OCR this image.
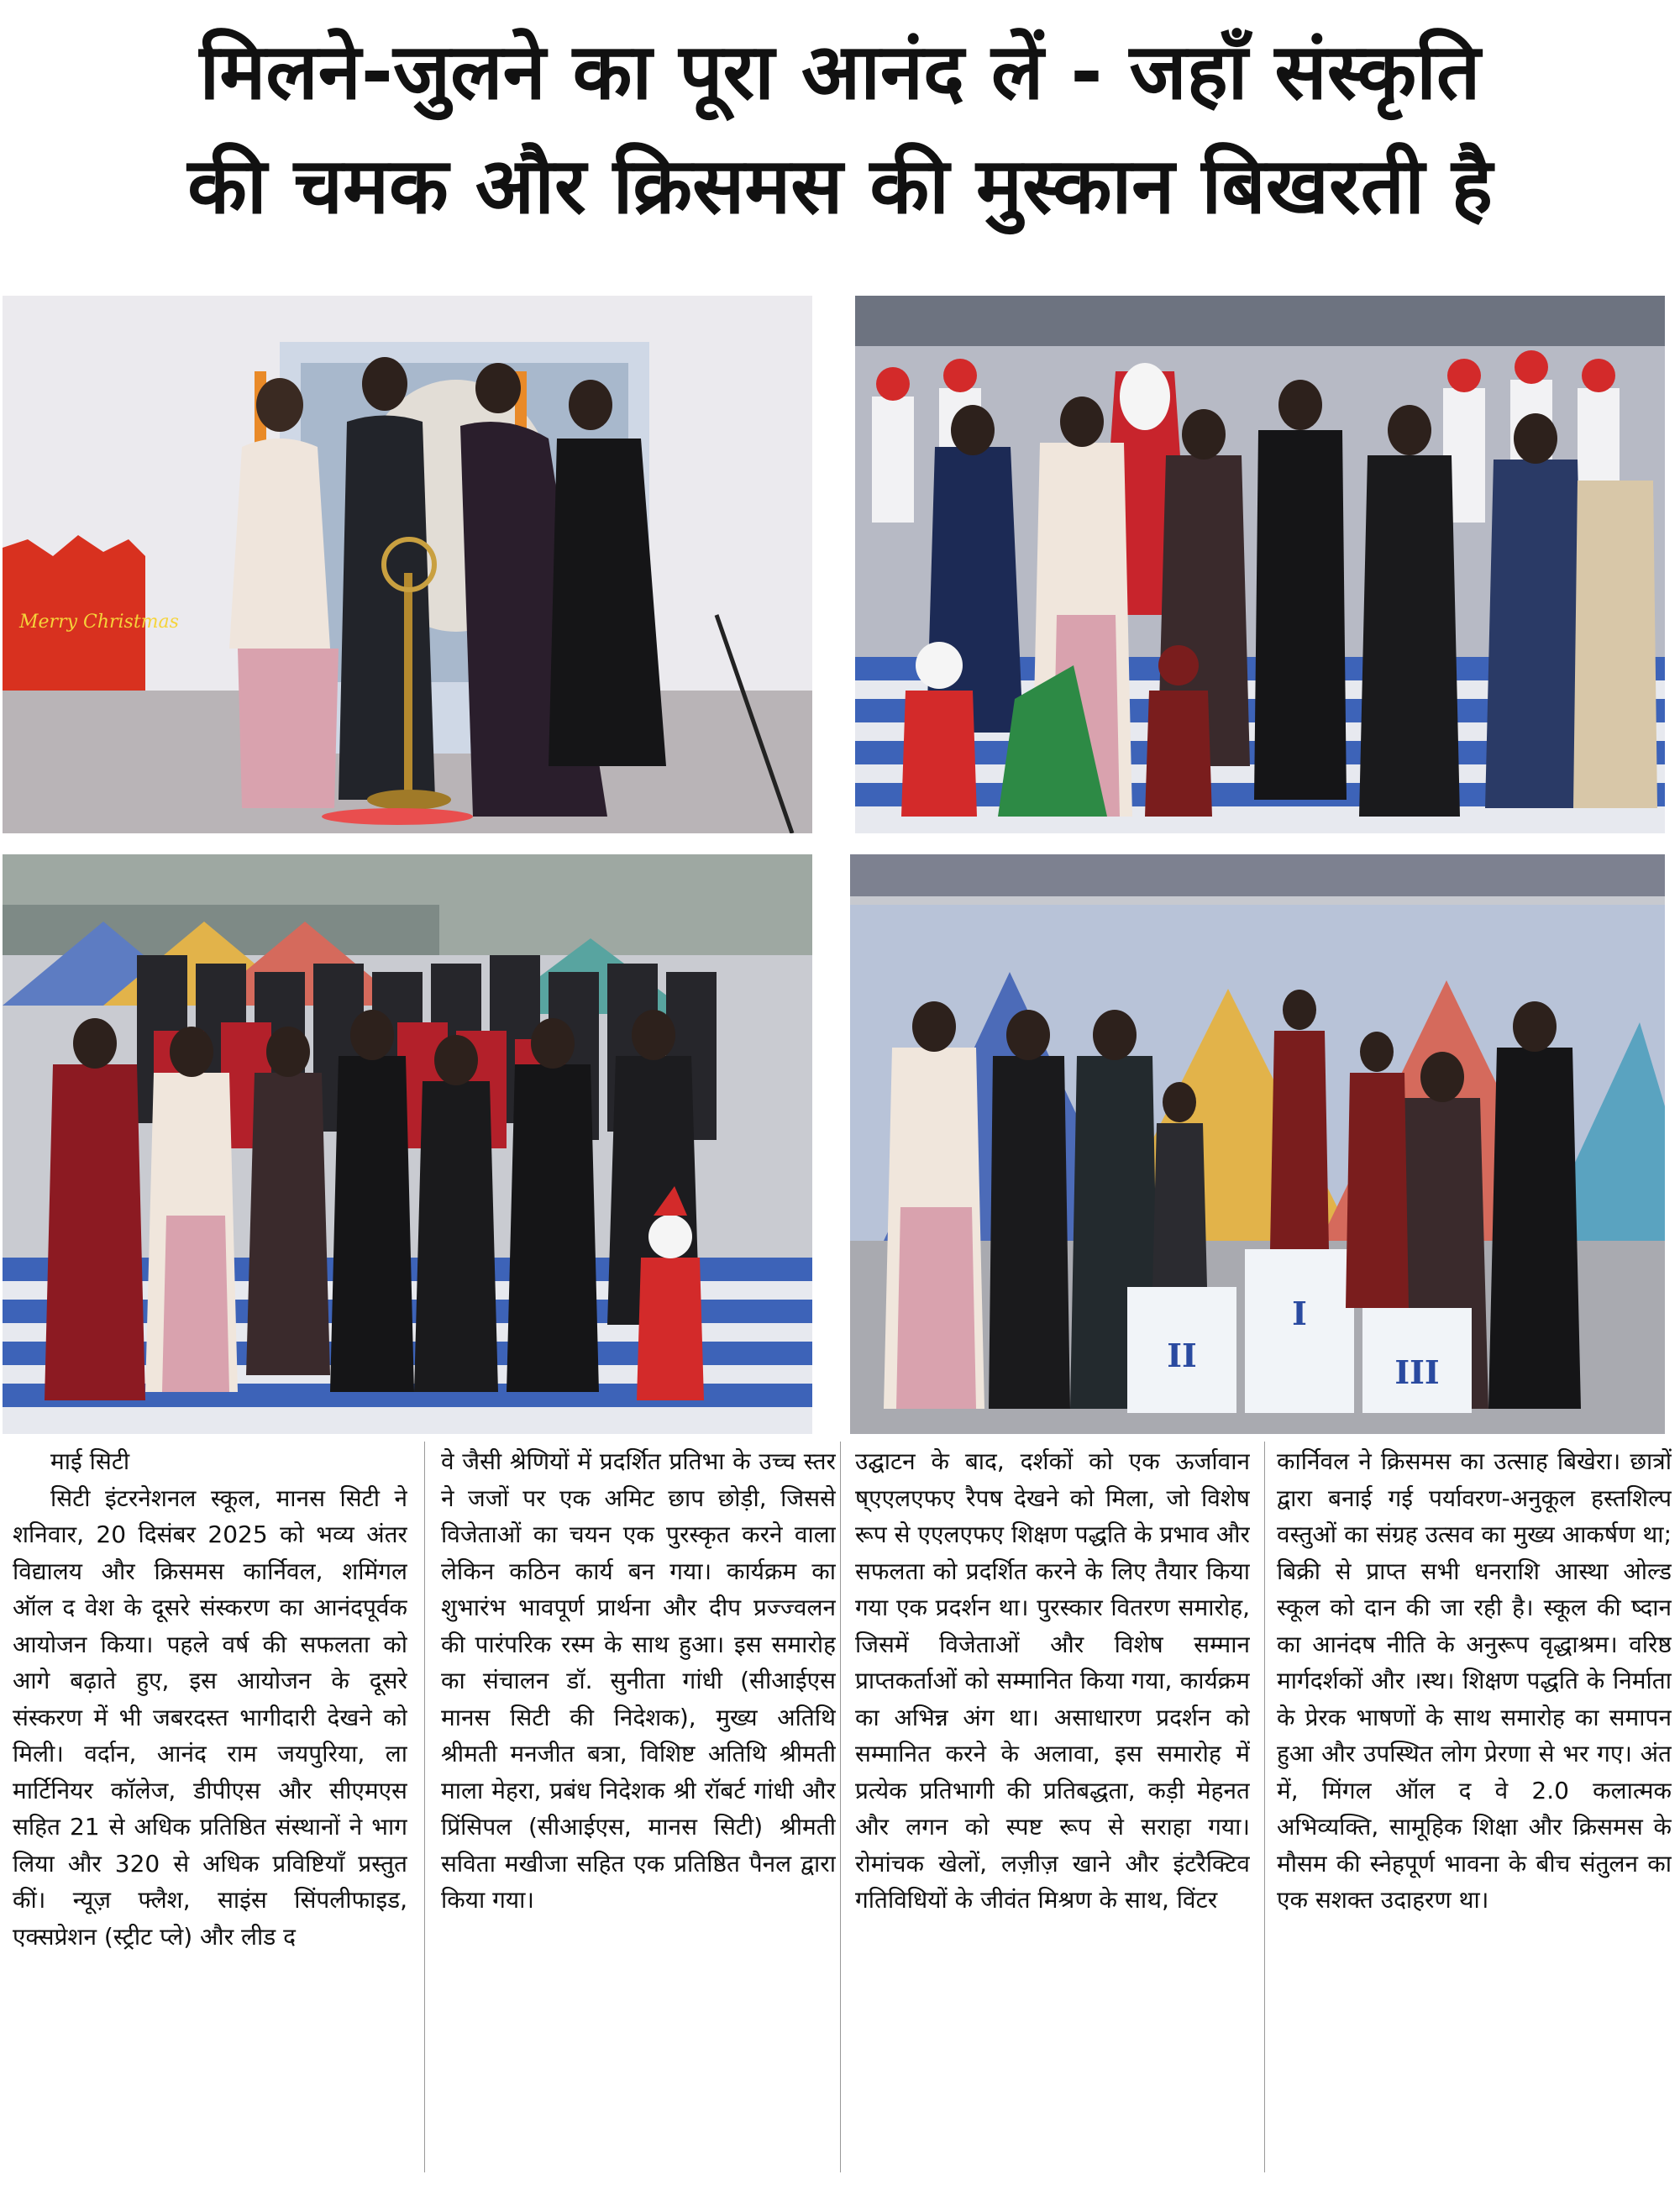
मिलने-जुलने का पूरा आनंद लें - जहाँ संस्कृति
की चमक और क्रिसमस की मुस्कान बिखरती है
Merry Christmas
II
I
III
माई सिटी
सिटी इंटरनेशनल स्कूल, मानस सिटी ने शनिवार, 20 दिसंबर 2025 को भव्य अंतर विद्यालय और क्रिसमस कार्निवल, शमिंगल ऑल द वेश के दूसरे संस्करण का आनंदपूर्वक आयोजन किया। पहले वर्ष की सफलता को आगे बढ़ाते हुए, इस आयोजन के दूसरे संस्करण में भी जबरदस्त भागीदारी देखने को मिली। वर्दान, आनंद राम जयपुरिया, ला मार्टिनियर कॉलेज, डीपीएस और सीएमएस सहित 21 से अधिक प्रतिष्ठित संस्थानों ने भाग लिया और 320 से अधिक प्रविष्टियाँ प्रस्तुत कीं। न्यूज़ फ्लैश, साइंस सिंपलीफाइड, एक्सप्रेशन (स्ट्रीट प्ले) और लीड द
वे जैसी श्रेणियों में प्रदर्शित प्रतिभा के उच्च स्तर ने जजों पर एक अमिट छाप छोड़ी, जिससे विजेताओं का चयन एक पुरस्कृत करने वाला लेकिन कठिन कार्य बन गया। कार्यक्रम का शुभारंभ भावपूर्ण प्रार्थना और दीप प्रज्ज्वलन की पारंपरिक रस्म के साथ हुआ। इस समारोह का संचालन डॉ. सुनीता गांधी (सीआईएस मानस सिटी की निदेशक), मुख्य अतिथि श्रीमती मनजीत बत्रा, विशिष्ट अतिथि श्रीमती माला मेहरा, प्रबंध निदेशक श्री रॉबर्ट गांधी और प्रिंसिपल (सीआईएस, मानस सिटी) श्रीमती सविता मखीजा सहित एक प्रतिष्ठित पैनल द्वारा किया गया।
उद्घाटन के बाद, दर्शकों को एक ऊर्जावान ष्एएलएफए रैपष देखने को मिला, जो विशेष रूप से एएलएफए शिक्षण पद्धति के प्रभाव और सफलता को प्रदर्शित करने के लिए तैयार किया गया एक प्रदर्शन था। पुरस्कार वितरण समारोह, जिसमें विजेताओं और विशेष सम्मान प्राप्तकर्ताओं को सम्मानित किया गया, कार्यक्रम का अभिन्न अंग था। असाधारण प्रदर्शन को सम्मानित करने के अलावा, इस समारोह में प्रत्येक प्रतिभागी की प्रतिबद्धता, कड़ी मेहनत और लगन को स्पष्ट रूप से सराहा गया। रोमांचक खेलों, लज़ीज़ खाने और इंटरैक्टिव गतिविधियों के जीवंत मिश्रण के साथ, विंटर
कार्निवल ने क्रिसमस का उत्साह बिखेरा। छात्रों द्वारा बनाई गई पर्यावरण-अनुकूल हस्तशिल्प वस्तुओं का संग्रह उत्सव का मुख्य आकर्षण था; बिक्री से प्राप्त सभी धनराशि आस्था ओल्ड स्कूल को दान की जा रही है। स्कूल की ष्दान का आनंदष नीति के अनुरूप वृद्धाश्रम। वरिष्ठ मार्गदर्शकों और ।स्थ। शिक्षण पद्धति के निर्माता के प्रेरक भाषणों के साथ समारोह का समापन हुआ और उपस्थित लोग प्रेरणा से भर गए। अंत में, मिंगल ऑल द वे 2.0 कलात्मक अभिव्यक्ति, सामूहिक शिक्षा और क्रिसमस के मौसम की स्नेहपूर्ण भावना के बीच संतुलन का एक सशक्त उदाहरण था।
